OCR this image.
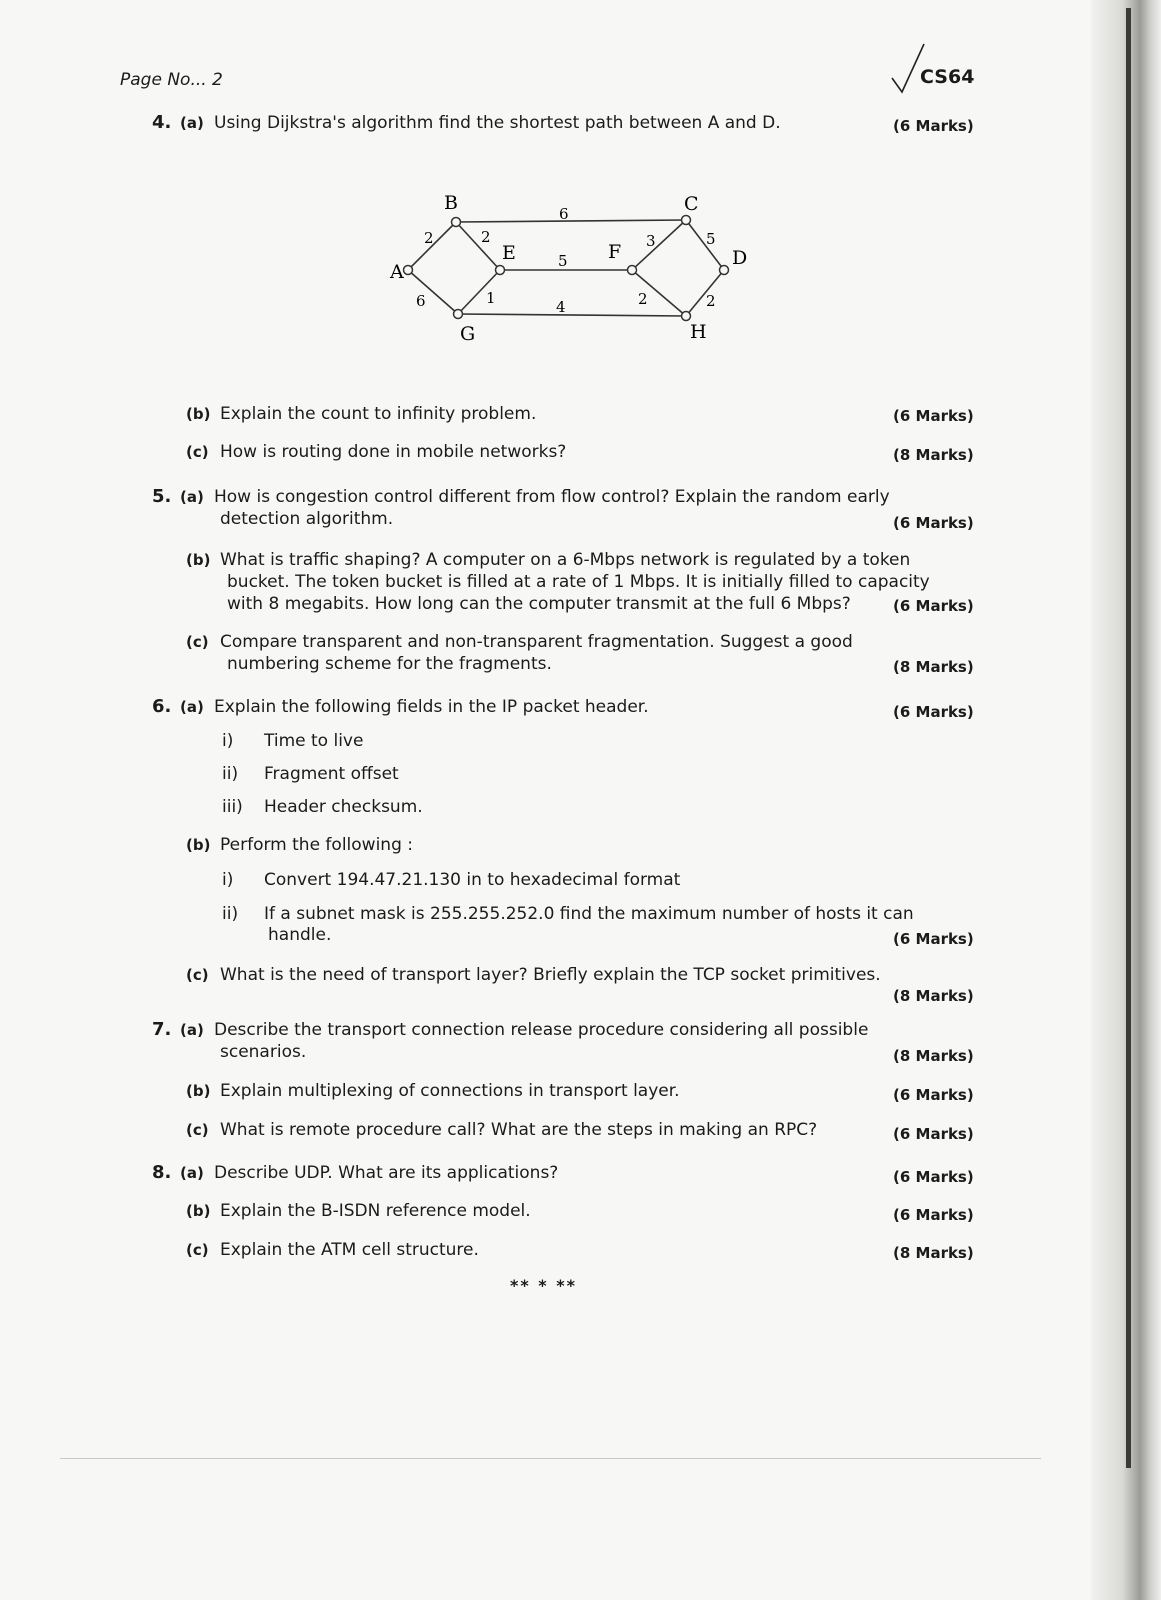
Page No... 2	CS64
4. (a) Using Dijkstra's algorithm find the shortest path between A and D.	(6 Marks)
A
B	C
D
E	F
G	H
2
6
2
6
1	4
5
3
2
5
2
(b) Explain the count to infinity problem.	(6 Marks)
(c) How is routing done in mobile networks?	(8 Marks)
5. (a) How is congestion control different from flow control? Explain the random early
detection algorithm.	(6 Marks)
(b) What is traffic shaping? A computer on a 6-Mbps network is regulated by a token
bucket. The token bucket is filled at a rate of 1 Mbps. It is initially filled to capacity
with 8 megabits. How long can the computer transmit at the full 6 Mbps?	(6 Marks)
(c) Compare transparent and non-transparent fragmentation. Suggest a good
numbering scheme for the fragments.	(8 Marks)
6. (a) Explain the following fields in the IP packet header.	(6 Marks)
i) Time to live
ii) Fragment offset
iii) Header checksum.
(b) Perform the following :
i) Convert 194.47.21.130 in to hexadecimal format
ii) If a subnet mask is 255.255.252.0 find the maximum number of hosts it can
handle.	(6 Marks)
(c) What is the need of transport layer? Briefly explain the TCP socket primitives.
(8 Marks)
7. (a) Describe the transport connection release procedure considering all possible
scenarios.	(8 Marks)
(b) Explain multiplexing of connections in transport layer.	(6 Marks)
(c) What is remote procedure call? What are the steps in making an RPC?	(6 Marks)
8. (a) Describe UDP. What are its applications?	(6 Marks)
(b) Explain the B-ISDN reference model.	(6 Marks)
(c) Explain the ATM cell structure.	(8 Marks)
** * **
